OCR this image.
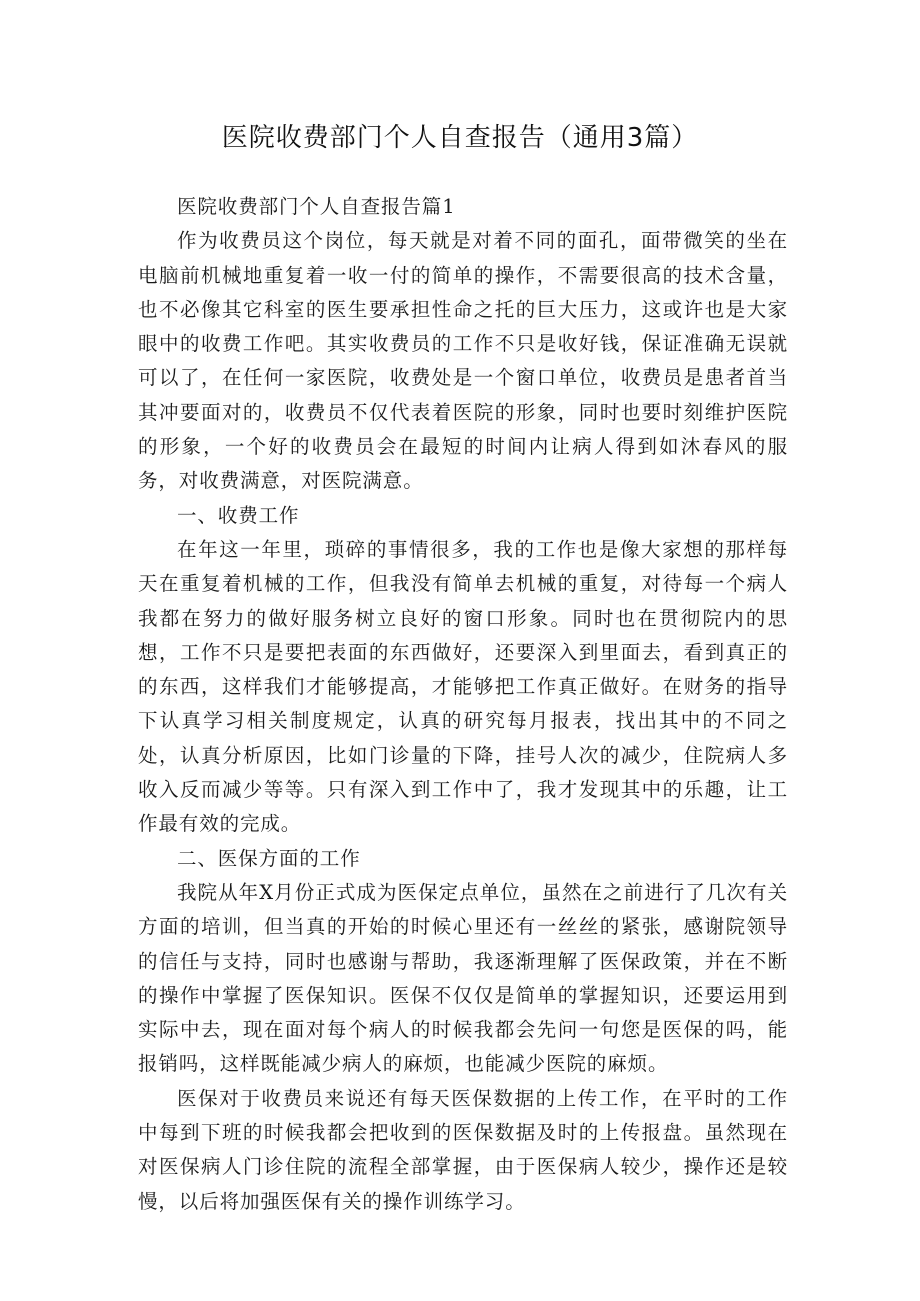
医院收费部门个人自查报告（通用3篇）

医院收费部门个人自查报告篇1

作为收费员这个岗位，每天就是对着不同的面孔，面带微笑的坐在电脑前机械地重复着一收一付的简单的操作，不需要很高的技术含量，也不必像其它科室的医生要承担性命之托的巨大压力，这或许也是大家眼中的收费工作吧。其实收费员的工作不只是收好钱，保证准确无误就可以了，在任何一家医院，收费处是一个窗口单位，收费员是患者首当其冲要面对的，收费员不仅代表着医院的形象，同时也要时刻维护医院的形象，一个好的收费员会在最短的时间内让病人得到如沐春风的服务，对收费满意，对医院满意。

一、收费工作

在年这一年里，琐碎的事情很多，我的工作也是像大家想的那样每天在重复着机械的工作，但我没有简单去机械的重复，对待每一个病人我都在努力的做好服务树立良好的窗口形象。同时也在贯彻院内的思想，工作不只是要把表面的东西做好，还要深入到里面去，看到真正的的东西，这样我们才能够提高，才能够把工作真正做好。在财务的指导下认真学习相关制度规定，认真的研究每月报表，找出其中的不同之处，认真分析原因，比如门诊量的下降，挂号人次的减少，住院病人多收入反而减少等等。只有深入到工作中了，我才发现其中的乐趣，让工作最有效的完成。

二、医保方面的工作

我院从年X月份正式成为医保定点单位，虽然在之前进行了几次有关方面的培训，但当真的开始的时候心里还有一丝丝的紧张，感谢院领导的信任与支持，同时也感谢与帮助，我逐渐理解了医保政策，并在不断的操作中掌握了医保知识。医保不仅仅是简单的掌握知识，还要运用到实际中去，现在面对每个病人的时候我都会先问一句您是医保的吗，能报销吗，这样既能减少病人的麻烦，也能减少医院的麻烦。

医保对于收费员来说还有每天医保数据的上传工作，在平时的工作中每到下班的时候我都会把收到的医保数据及时的上传报盘。虽然现在对医保病人门诊住院的流程全部掌握，由于医保病人较少，操作还是较慢，以后将加强医保有关的操作训练学习。
